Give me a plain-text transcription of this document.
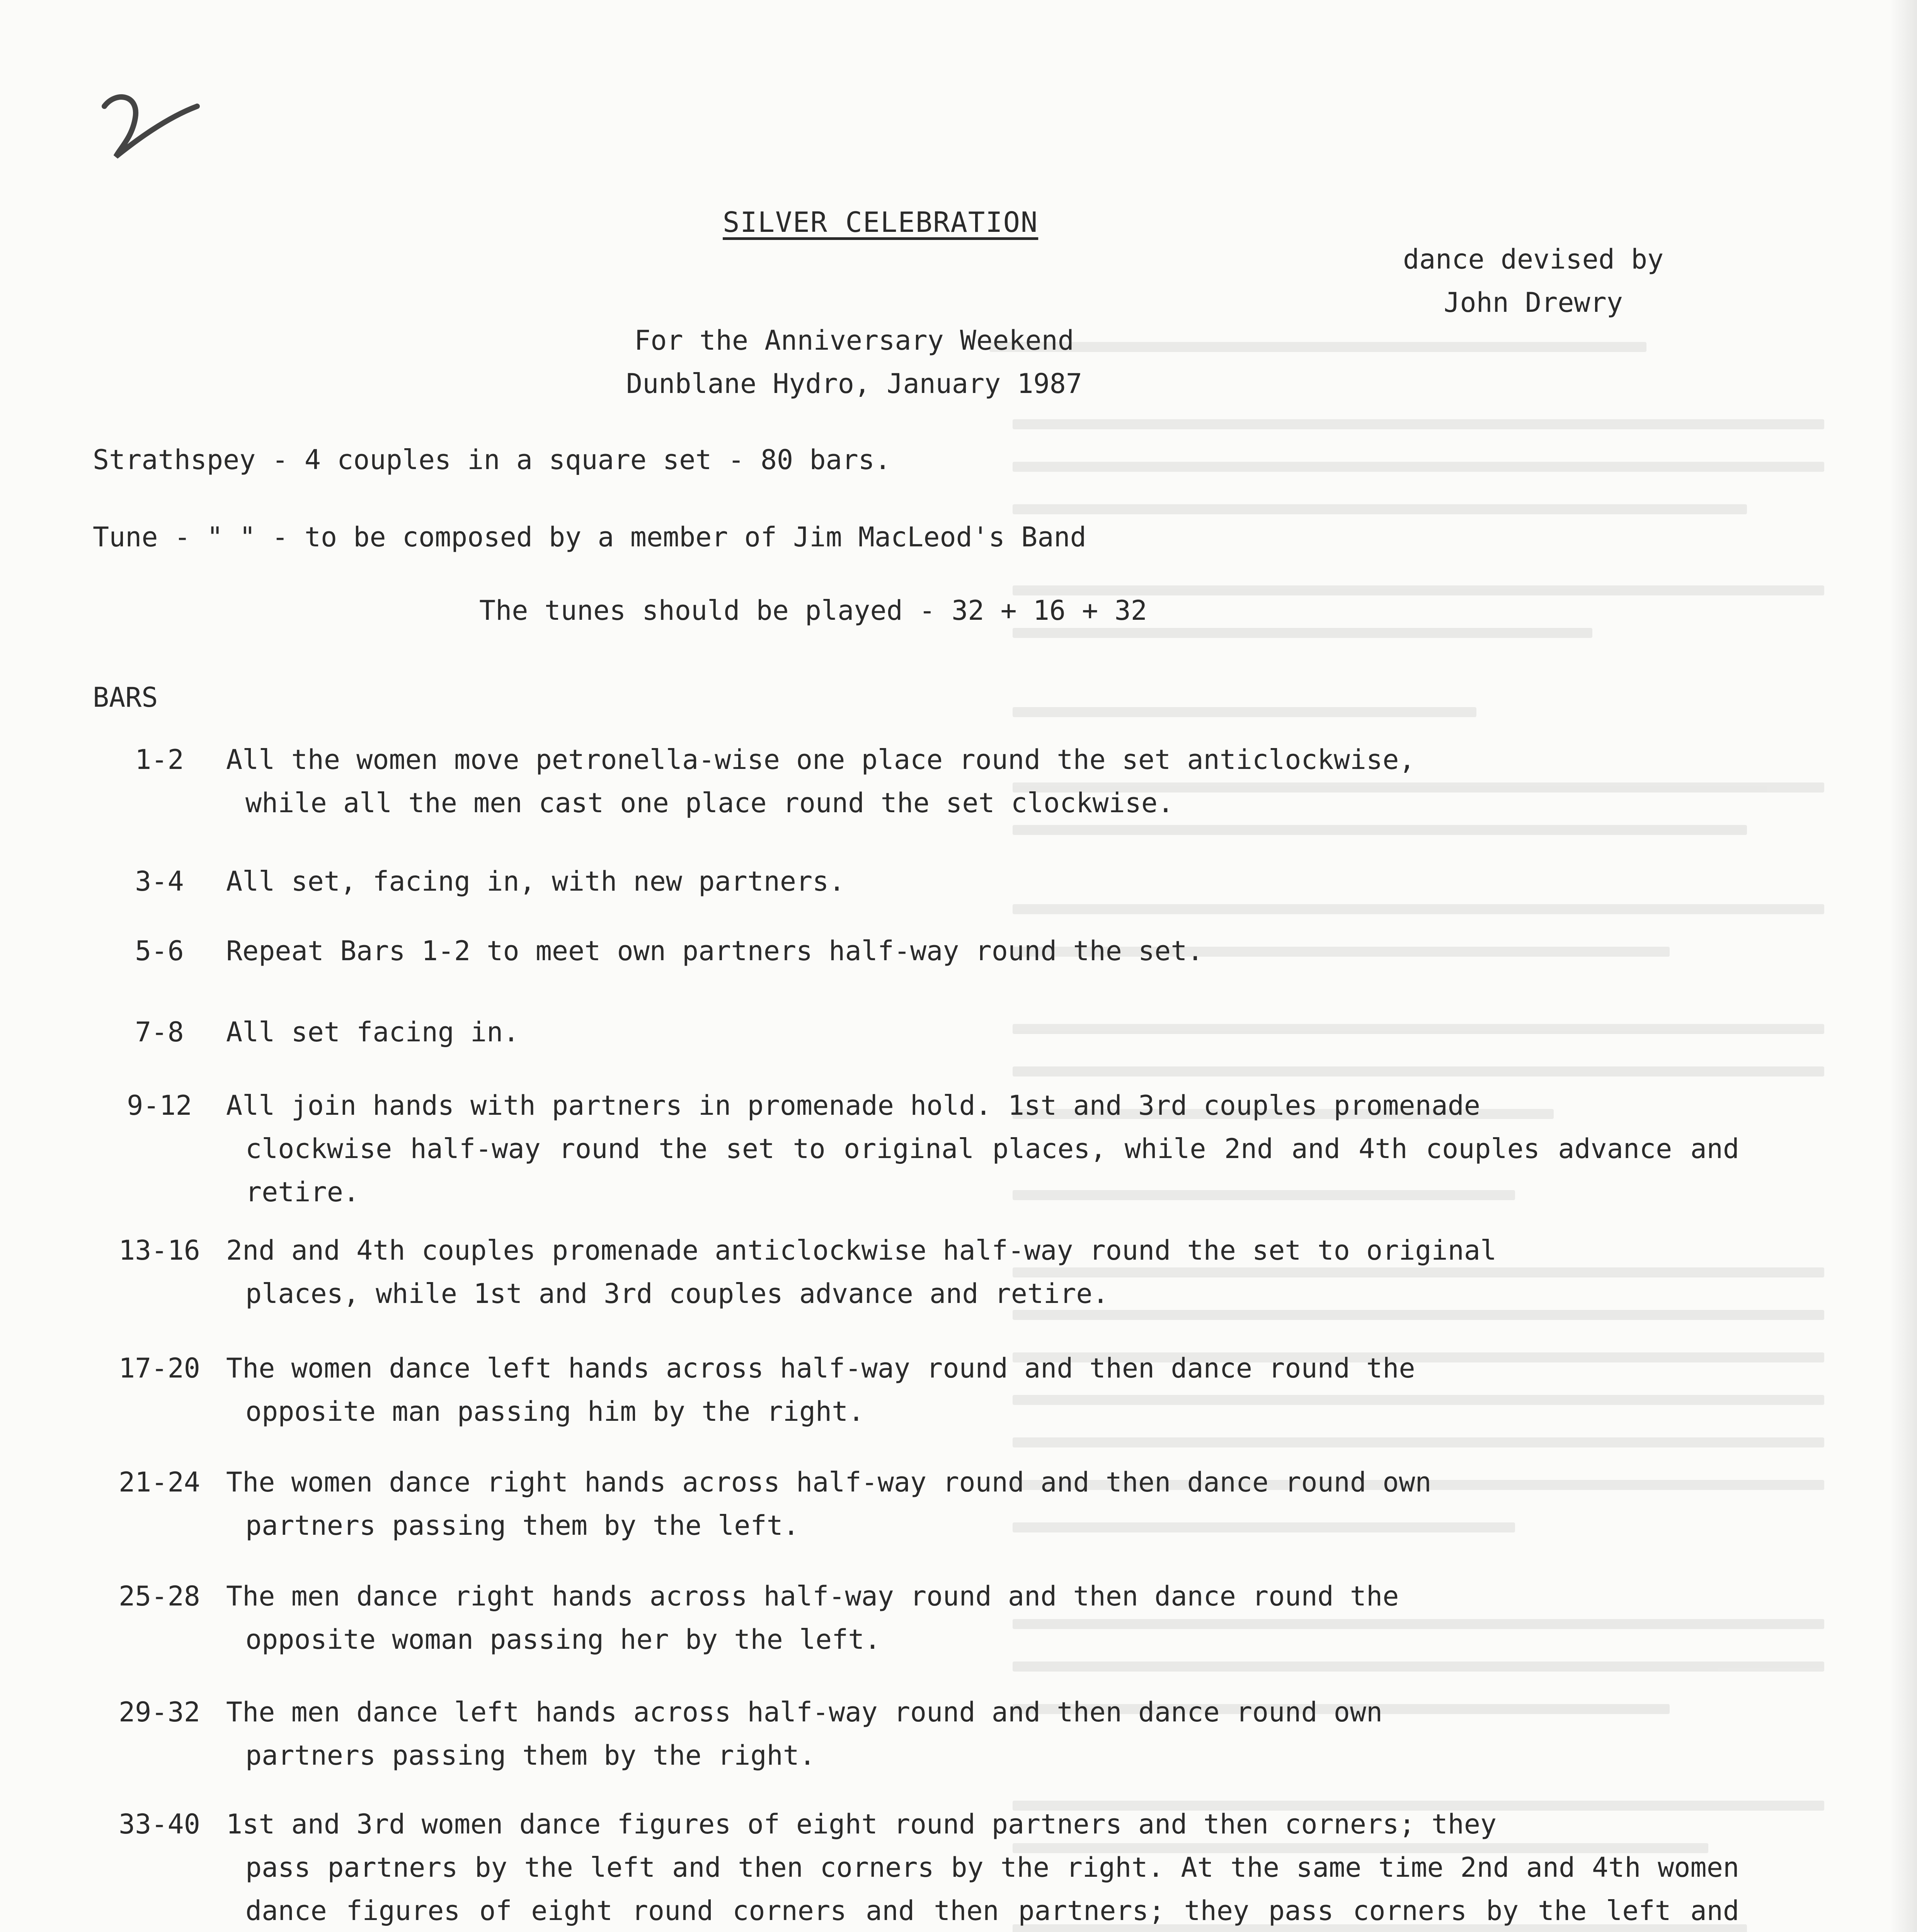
SILVER CELEBRATION
dance devised by
John Drewry
For the Anniversary Weekend
Dunblane Hydro, January 1987
Strathspey - 4 couples in a square set - 80 bars.
Tune - " " - to be composed by a member of Jim MacLeod's Band
The tunes should be played - 32 + 16 + 32
BARS
1-2	All the women move petronella-wise one place round the set anticlockwise,
while all the men cast one place round the set clockwise.
3-4	All set, facing in, with new partners.
5-6	Repeat Bars 1-2 to meet own partners half-way round the set.
7-8	All set facing in.
9-12	All join hands with partners in promenade hold. 1st and 3rd couples promenade
clockwise half-way round the set to original places, while 2nd and 4th couples advance and retire.
13-16 2nd and 4th couples promenade anticlockwise half-way round the set to original
places, while 1st and 3rd couples advance and retire.
17-20 The women dance left hands across half-way round and then dance round the
opposite man passing him by the right.
21-24 The women dance right hands across half-way round and then dance round own
partners passing them by the left.
25-28 The men dance right hands across half-way round and then dance round the
opposite woman passing her by the left.
29-32 The men dance left hands across half-way round and then dance round own
partners passing them by the right.
33-40 1st and 3rd women dance figures of eight round partners and then corners; they
pass partners by the left and then corners by the right. At the same time 2nd and 4th women dance figures of eight round corners and then partners; they pass corners by the left and
